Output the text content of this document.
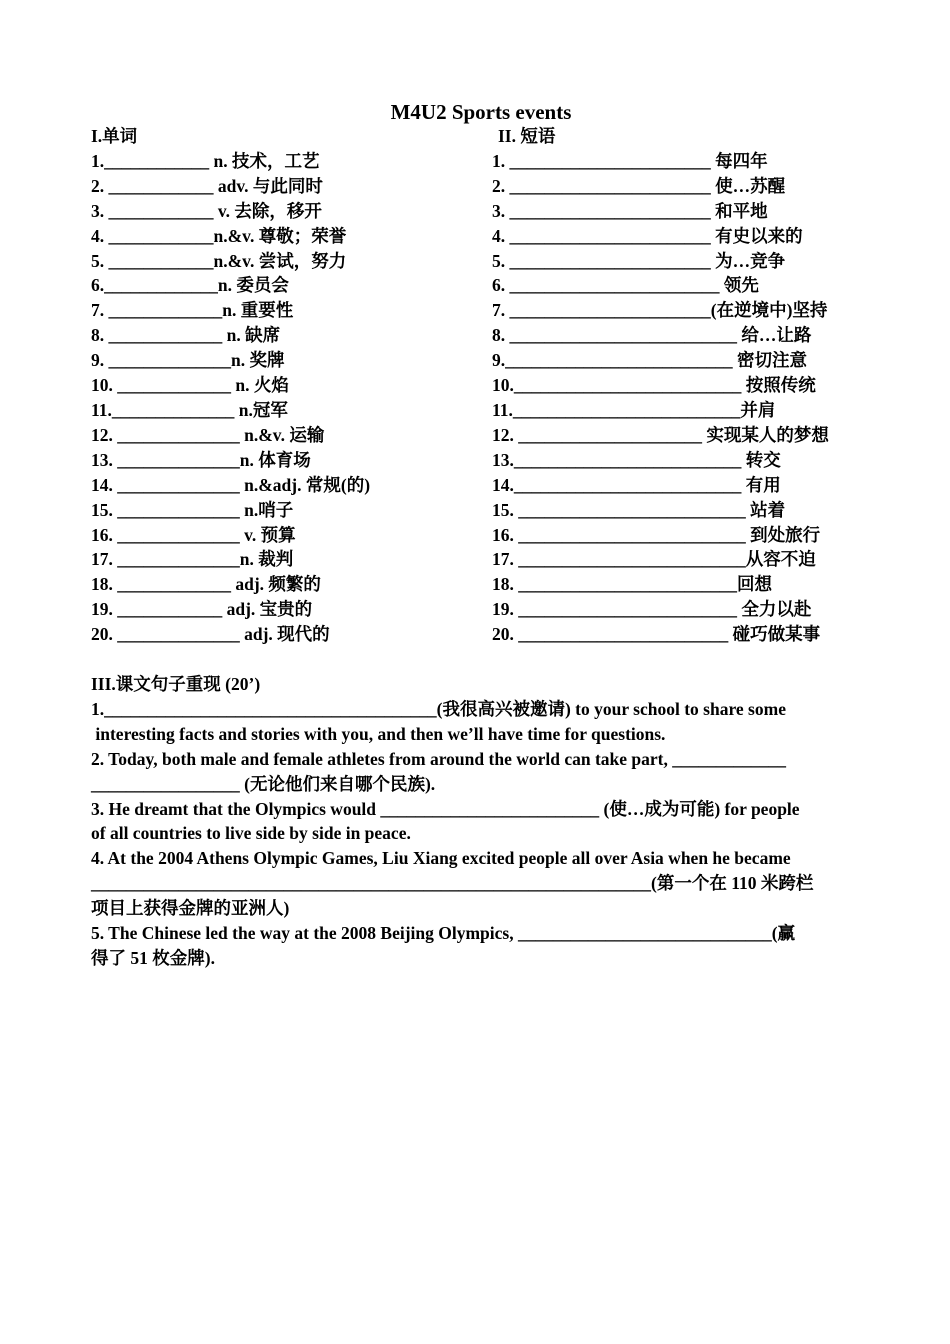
M4U2 Sports events
I.单词
1.____________ n. 技术，工艺
2. ____________ adv. 与此同时
3. ____________ v. 去除，移开
4. ____________n.&v. 尊敬；荣誉
5. ____________n.&v. 尝试，努力
6._____________n. 委员会
7. _____________n. 重要性
8. _____________ n. 缺席
9. ______________n. 奖牌
10. _____________ n. 火焰
11.______________ n.冠军
12. ______________ n.&v. 运输
13. ______________n. 体育场
14. ______________ n.&adj. 常规(的)
15. ______________ n.哨子
16. ______________ v. 预算
17. ______________n. 裁判
18. _____________ adj. 频繁的
19. ____________ adj. 宝贵的
20. ______________ adj. 现代的
II. 短语
1. _______________________ 每四年
2. _______________________ 使…苏醒
3. _______________________ 和平地
4. _______________________ 有史以来的
5. _______________________ 为…竞争
6. ________________________ 领先
7. _______________________(在逆境中)坚持
8. __________________________ 给…让路
9.__________________________ 密切注意
10.__________________________ 按照传统
11.__________________________并肩
12. _____________________ 实现某人的梦想
13.__________________________ 转交
14.__________________________ 有用
15. __________________________ 站着
16. __________________________ 到处旅行
17. __________________________从容不迫
18. _________________________回想
19. _________________________ 全力以赴
20. ________________________ 碰巧做某事
III.课文句子重现 (20’)
1.______________________________________(我很高兴被邀请) to your school to share some
interesting facts and stories with you, and then we’ll have time for questions.
2. Today, both male and female athletes from around the world can take part, _____________
_________________ (无论他们来自哪个民族).
3. He dreamt that the Olympics would _________________________ (使…成为可能) for people
of all countries to live side by side in peace.
4. At the 2004 Athens Olympic Games, Liu Xiang excited people all over Asia when he became
________________________________________________________________(第一个在 110 米跨栏
项目上获得金牌的亚洲人)
5. The Chinese led the way at the 2008 Beijing Olympics, _____________________________(赢
得了 51 枚金牌).
